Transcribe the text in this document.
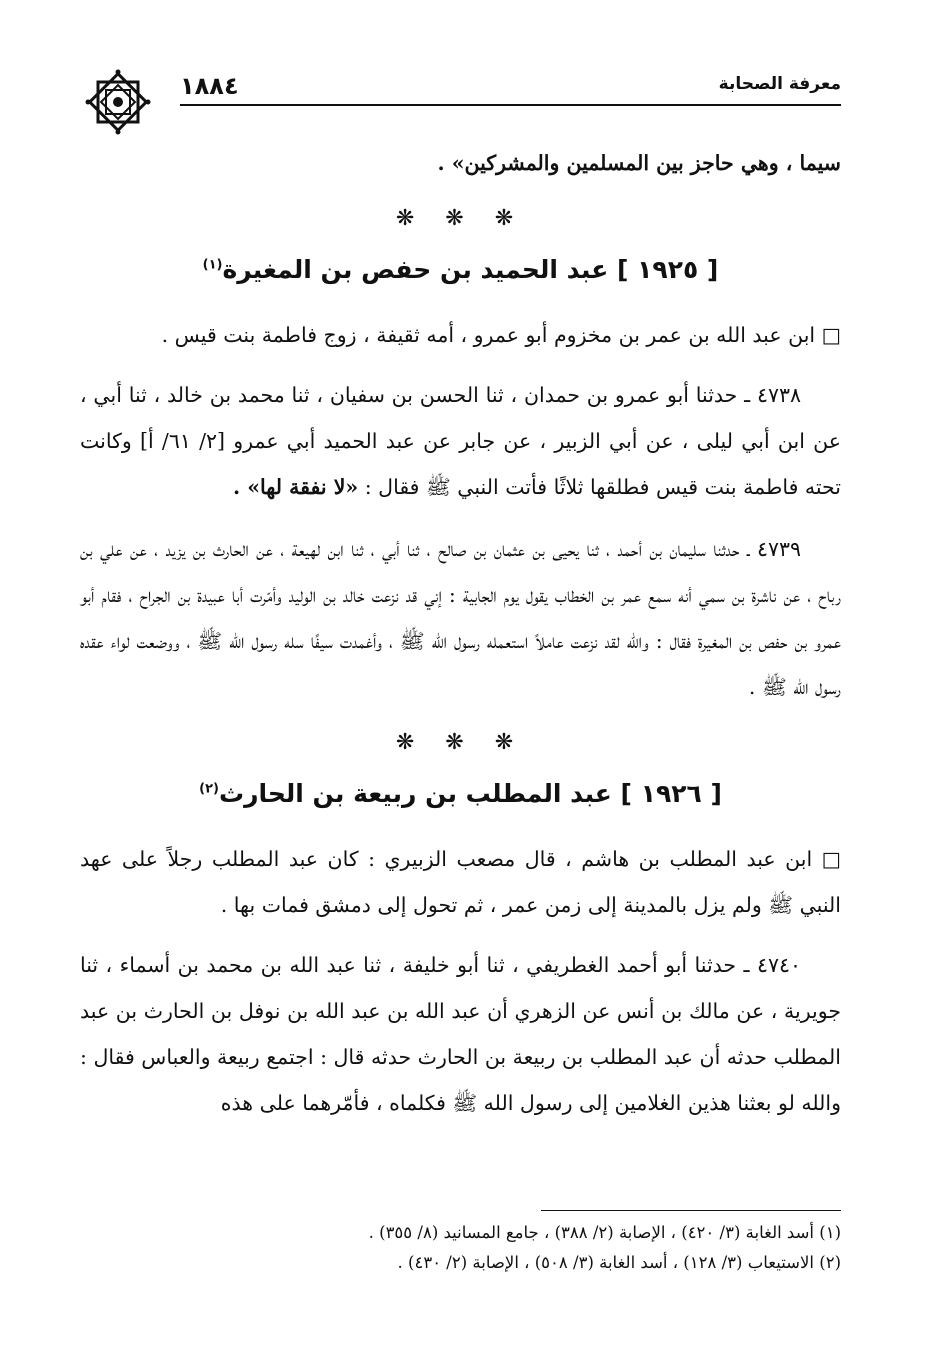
معرفة الصحابة
١٨٨٤

سيما ، وهي حاجز بين المسلمين والمشركين» .

❋ ❋ ❋

[ ١٩٢٥ ] عبد الحميد بن حفص بن المغيرة$^{(١)}$

□ ابن عبد الله بن عمر بن مخزوم أبو عمرو ، أمه ثقيفة ، زوج فاطمة بنت قيس .

٤٧٣٨ ـ حدثنا أبو عمرو بن حمدان ، ثنا الحسن بن سفيان ، ثنا محمد بن خالد ، ثنا أبي ، عن ابن أبي ليلى ، عن أبي الزبير ، عن جابر عن عبد الحميد أبي عمرو [٢/ ٦١/ أ] وكانت تحته فاطمة بنت قيس فطلقها ثلاثًا فأتت النبي ﷺ فقال : «لا نفقة لها» .

٤٧٣٩ ـ حدثنا سليمان بن أحمد ، ثنا يحيى بن عثمان بن صالح ، ثنا أبي ، ثنا ابن لهيعة ، عن الحارث بن يزيد ، عن علي بن رباح ، عن ناشرة بن سمي أنه سمع عمر بن الخطاب يقول يوم الجابية : إني قد نزعت خالد بن الوليد وأمّرت أبا عبيدة بن الجراح ، فقام أبو عمرو بن حفص بن المغيرة فقال : والله لقد نزعت عاملاً استعمله رسول الله ﷺ ، وأغمدت سيفًا سله رسول الله ﷺ ، ووضعت لواء عقده رسول الله ﷺ .

❋ ❋ ❋

[ ١٩٢٦ ] عبد المطلب بن ربيعة بن الحارث$^{(٢)}$

□ ابن عبد المطلب بن هاشم ، قال مصعب الزبيري : كان عبد المطلب رجلاً على عهد النبي ﷺ ولم يزل بالمدينة إلى زمن عمر ، ثم تحول إلى دمشق فمات بها .

٤٧٤٠ ـ حدثنا أبو أحمد الغطريفي ، ثنا أبو خليفة ، ثنا عبد الله بن محمد بن أسماء ، ثنا جويرية ، عن مالك بن أنس عن الزهري أن عبد الله بن عبد الله بن نوفل بن الحارث بن عبد المطلب حدثه أن عبد المطلب بن ربيعة بن الحارث حدثه قال : اجتمع ربيعة والعباس فقال : والله لو بعثنا هذين الغلامين إلى رسول الله ﷺ فكلماه ، فأمّرهما على هذه

(١) أسد الغابة (٣/ ٤٢٠) ، الإصابة (٢/ ٣٨٨) ، جامع المسانيد (٨/ ٣٥٥) .

(٢) الاستيعاب (٣/ ١٢٨) ، أسد الغابة (٣/ ٥٠٨) ، الإصابة (٢/ ٤٣٠) .
